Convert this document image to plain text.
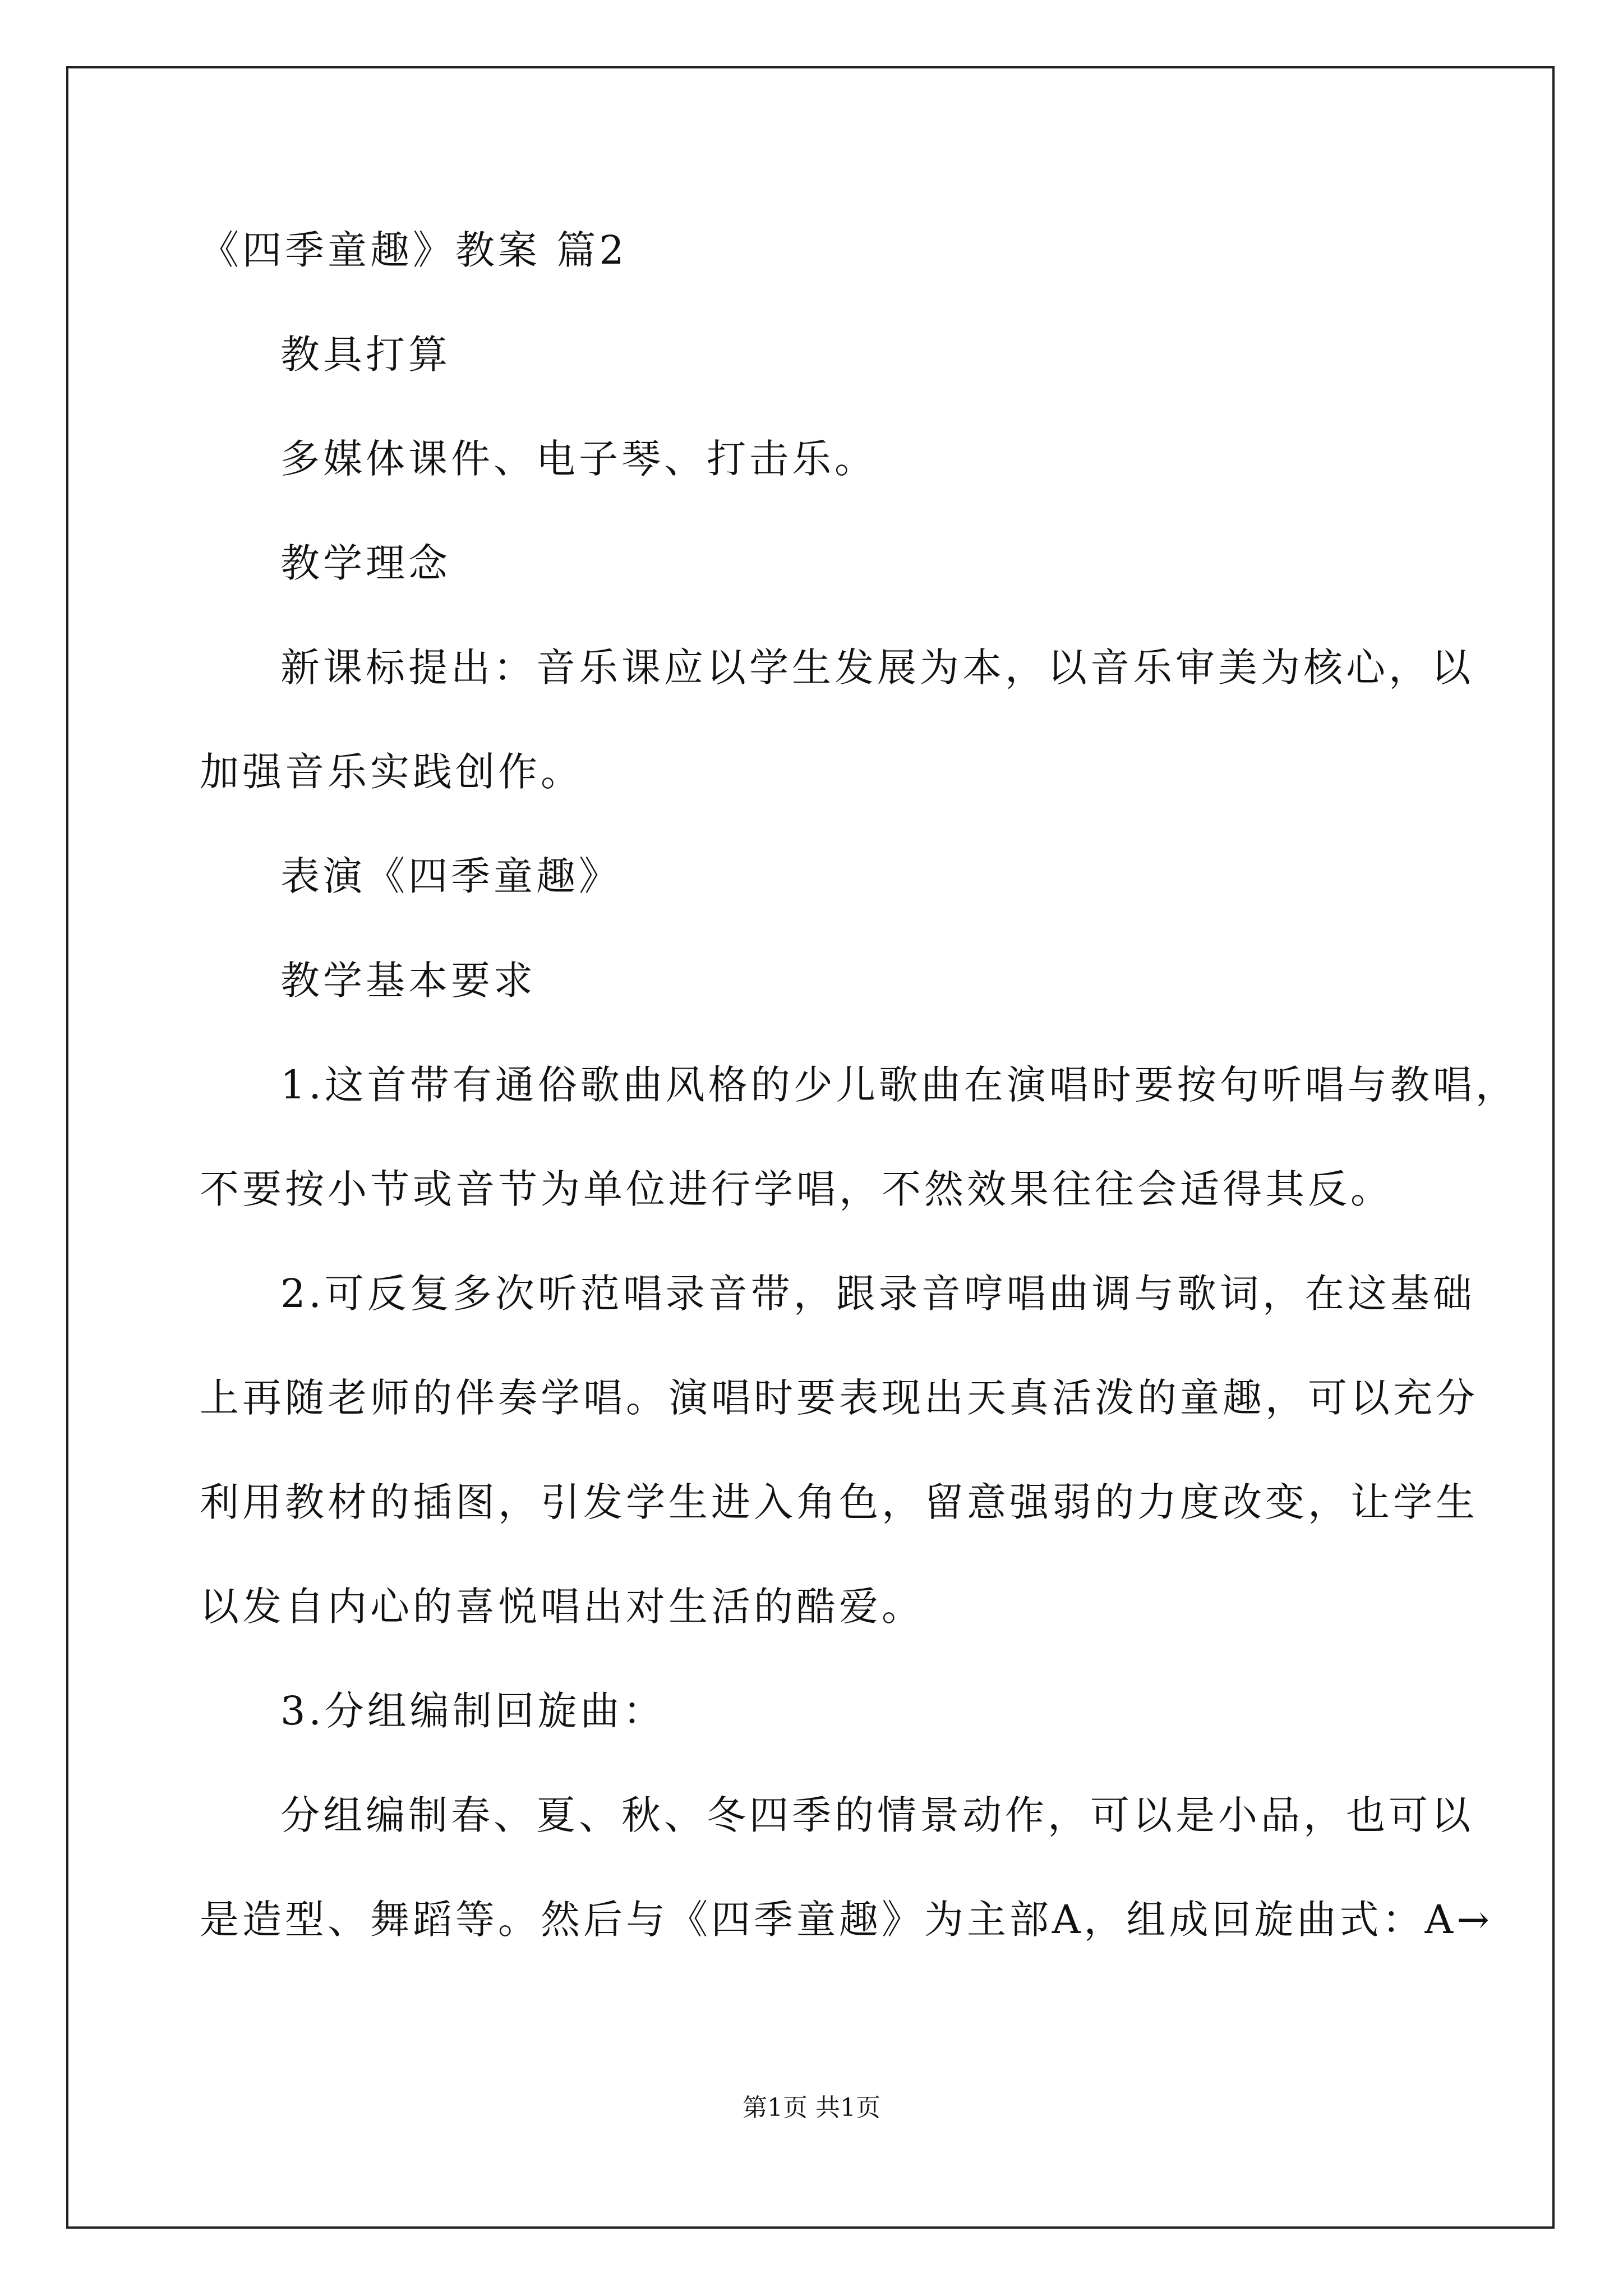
《四季童趣》教案 篇2
教具打算
多媒体课件、电子琴、打击乐。
教学理念
新课标提出：音乐课应以学生发展为本，以音乐审美为核心，以
加强音乐实践创作。
表演《四季童趣》
教学基本要求
1.这首带有通俗歌曲风格的少儿歌曲在演唱时要按句听唱与教唱，
不要按小节或音节为单位进行学唱，不然效果往往会适得其反。
2.可反复多次听范唱录音带，跟录音哼唱曲调与歌词，在这基础
上再随老师的伴奏学唱。演唱时要表现出天真活泼的童趣，可以充分
利用教材的插图，引发学生进入角色，留意强弱的力度改变，让学生
以发自内心的喜悦唱出对生活的酷爱。
3.分组编制回旋曲：
分组编制春、夏、秋、冬四季的情景动作，可以是小品，也可以
是造型、舞蹈等。然后与《四季童趣》为主部A，组成回旋曲式：A→
第1页 共1页
